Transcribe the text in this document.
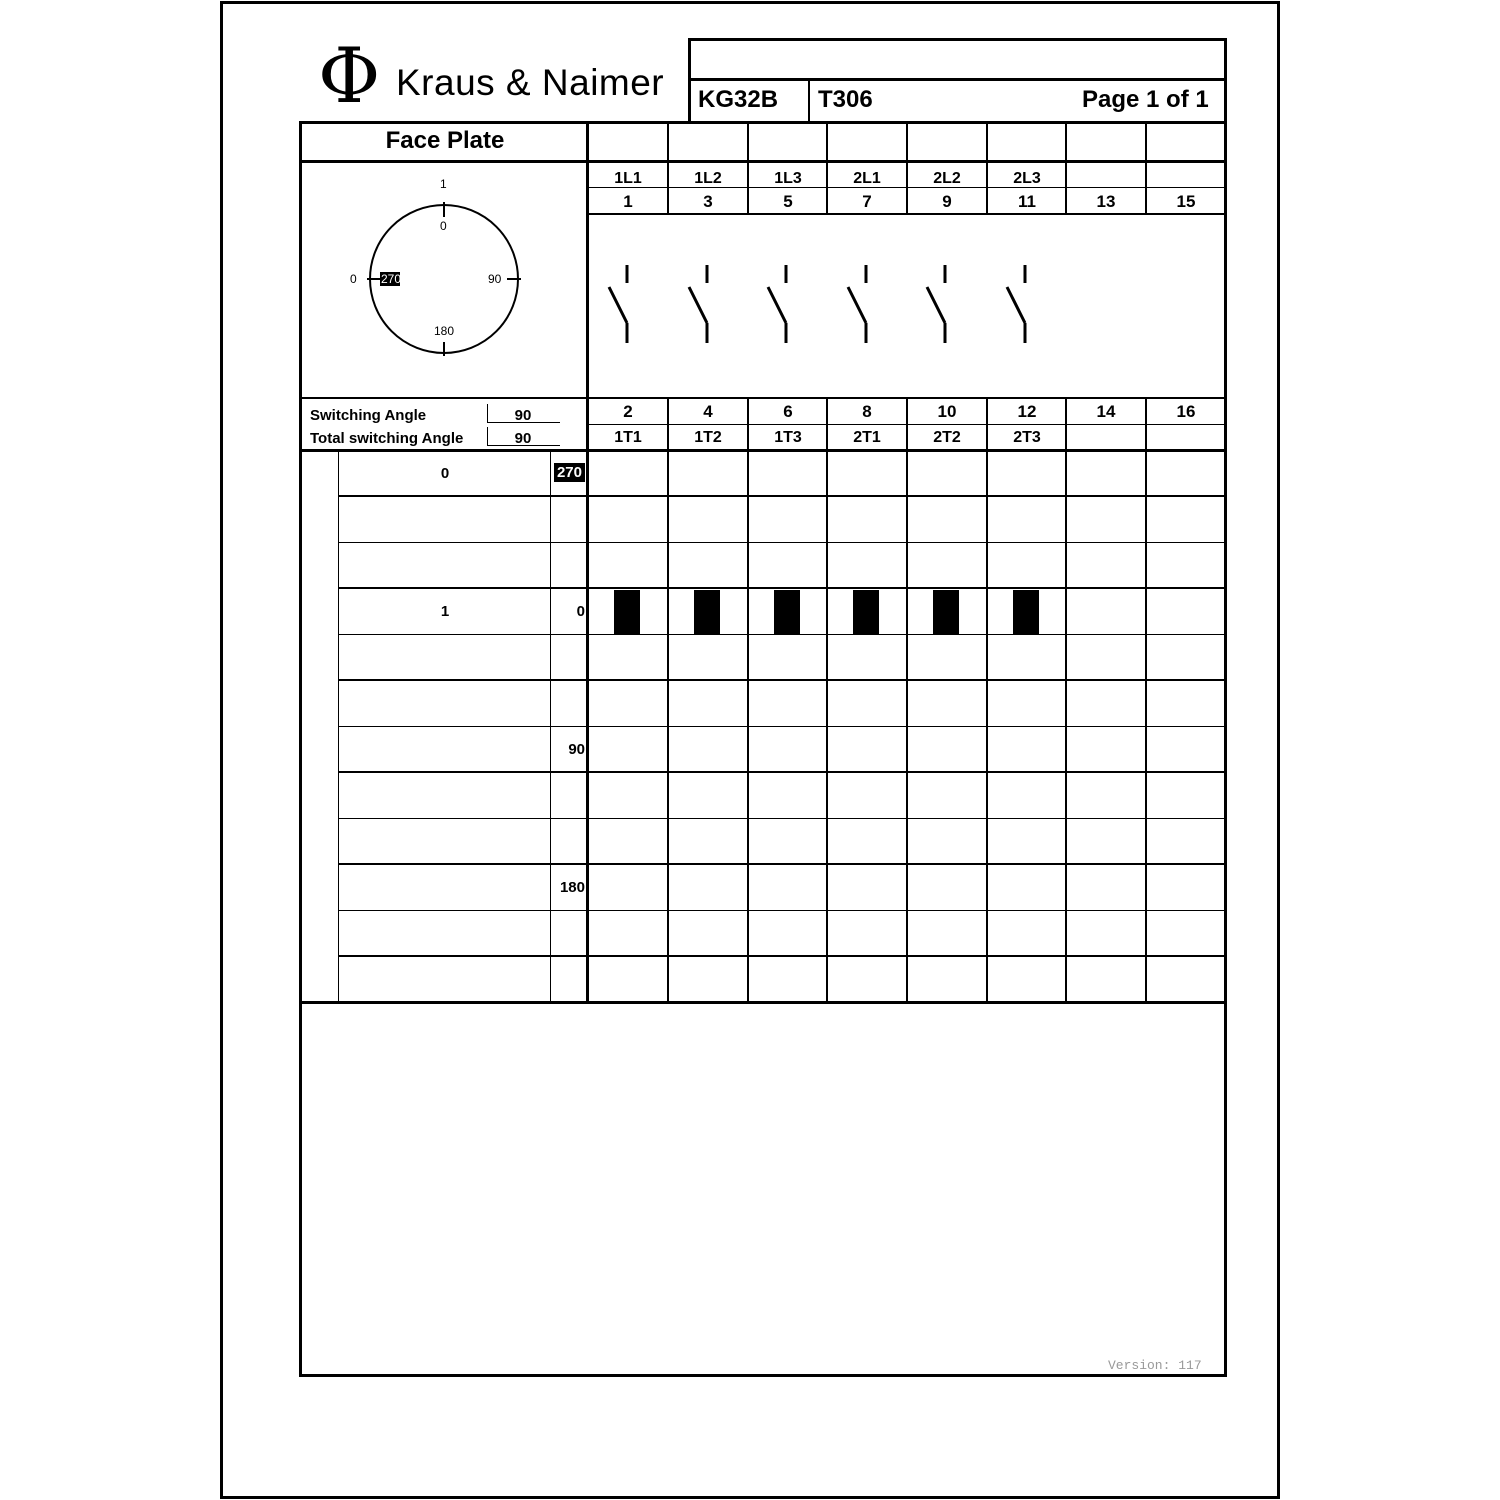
Φ Kraus & Naimer KG32B T306	Page 1 of 1
Face Plate
1
0
0 270	90
180
Switching Angle	90
Total switching Angle	90
1L1	1L2	1L3	2L1	2L2	2L3
1	3	5	7	9	11	13	15
2	4	6	8	10	12	14	16
1T1	1T2	1T3	2T1	2T2	2T3
0	270
1	0
90
180
Version: 117
